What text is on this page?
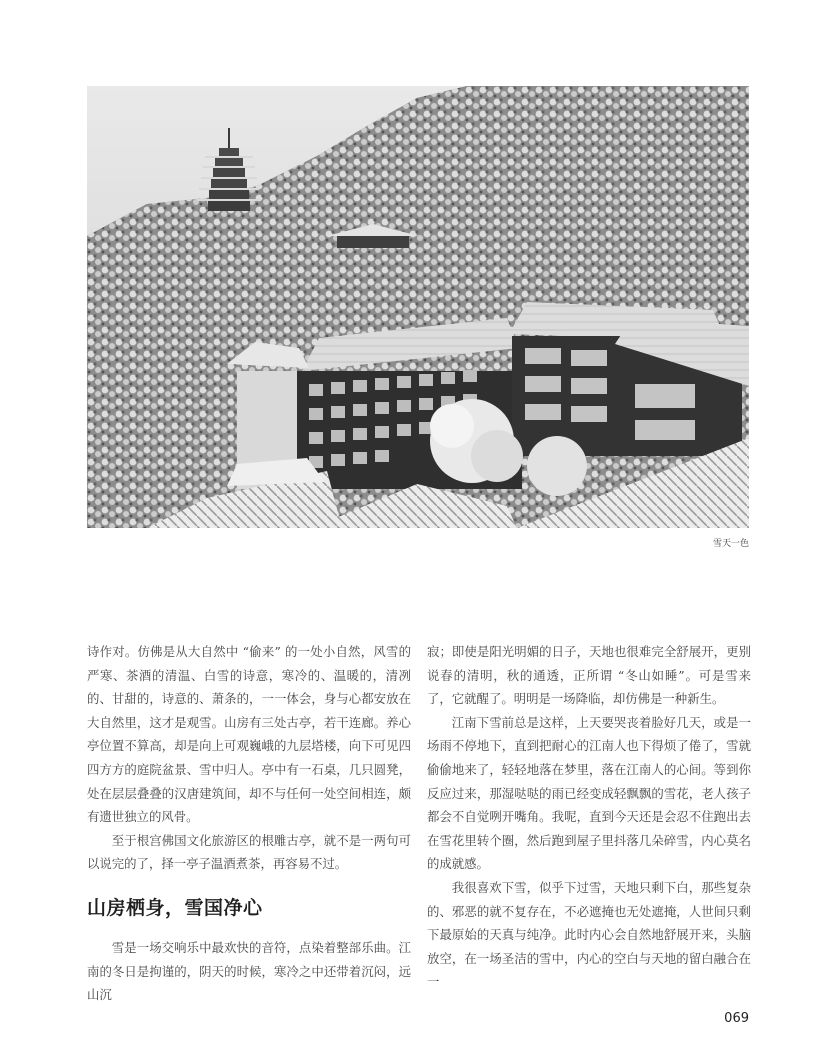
雪天一色

诗作对。仿佛是从大自然中 “偷来” 的一处小自然，风雪的严寒、茶酒的清温、白雪的诗意，寒冷的、温暖的，清冽的、甘甜的，诗意的、萧条的，一一体会，身与心都安放在大自然里，这才是观雪。山房有三处古亭，若干连廊。养心亭位置不算高，却是向上可观巍峨的九层塔楼，向下可见四四方方的庭院盆景、雪中归人。亭中有一石桌，几只圆凳，处在层层叠叠的汉唐建筑间，却不与任何一处空间相连，颇有遗世独立的风骨。

至于根宫佛国文化旅游区的根雕古亭，就不是一两句可以说完的了，择一亭子温酒煮茶，再容易不过。

山房栖身，雪国净心

雪是一场交响乐中最欢快的音符，点染着整部乐曲。江南的冬日是拘谨的，阴天的时候，寒冷之中还带着沉闷，远山沉

寂；即使是阳光明媚的日子，天地也很难完全舒展开，更别说春的清明，秋的通透，正所谓 “冬山如睡”。可是雪来了，它就醒了。明明是一场降临，却仿佛是一种新生。

江南下雪前总是这样，上天要哭丧着脸好几天，或是一场雨不停地下，直到把耐心的江南人也下得烦了倦了，雪就偷偷地来了，轻轻地落在梦里，落在江南人的心间。等到你反应过来，那湿哒哒的雨已经变成轻飘飘的雪花，老人孩子都会不自觉咧开嘴角。我呢，直到今天还是会忍不住跑出去在雪花里转个圈，然后跑到屋子里抖落几朵碎雪，内心莫名的成就感。

我很喜欢下雪，似乎下过雪，天地只剩下白，那些复杂的、邪恶的就不复存在，不必遮掩也无处遮掩，人世间只剩下最原始的天真与纯净。此时内心会自然地舒展开来，头脑放空，在一场圣洁的雪中，内心的空白与天地的留白融合在一

069
